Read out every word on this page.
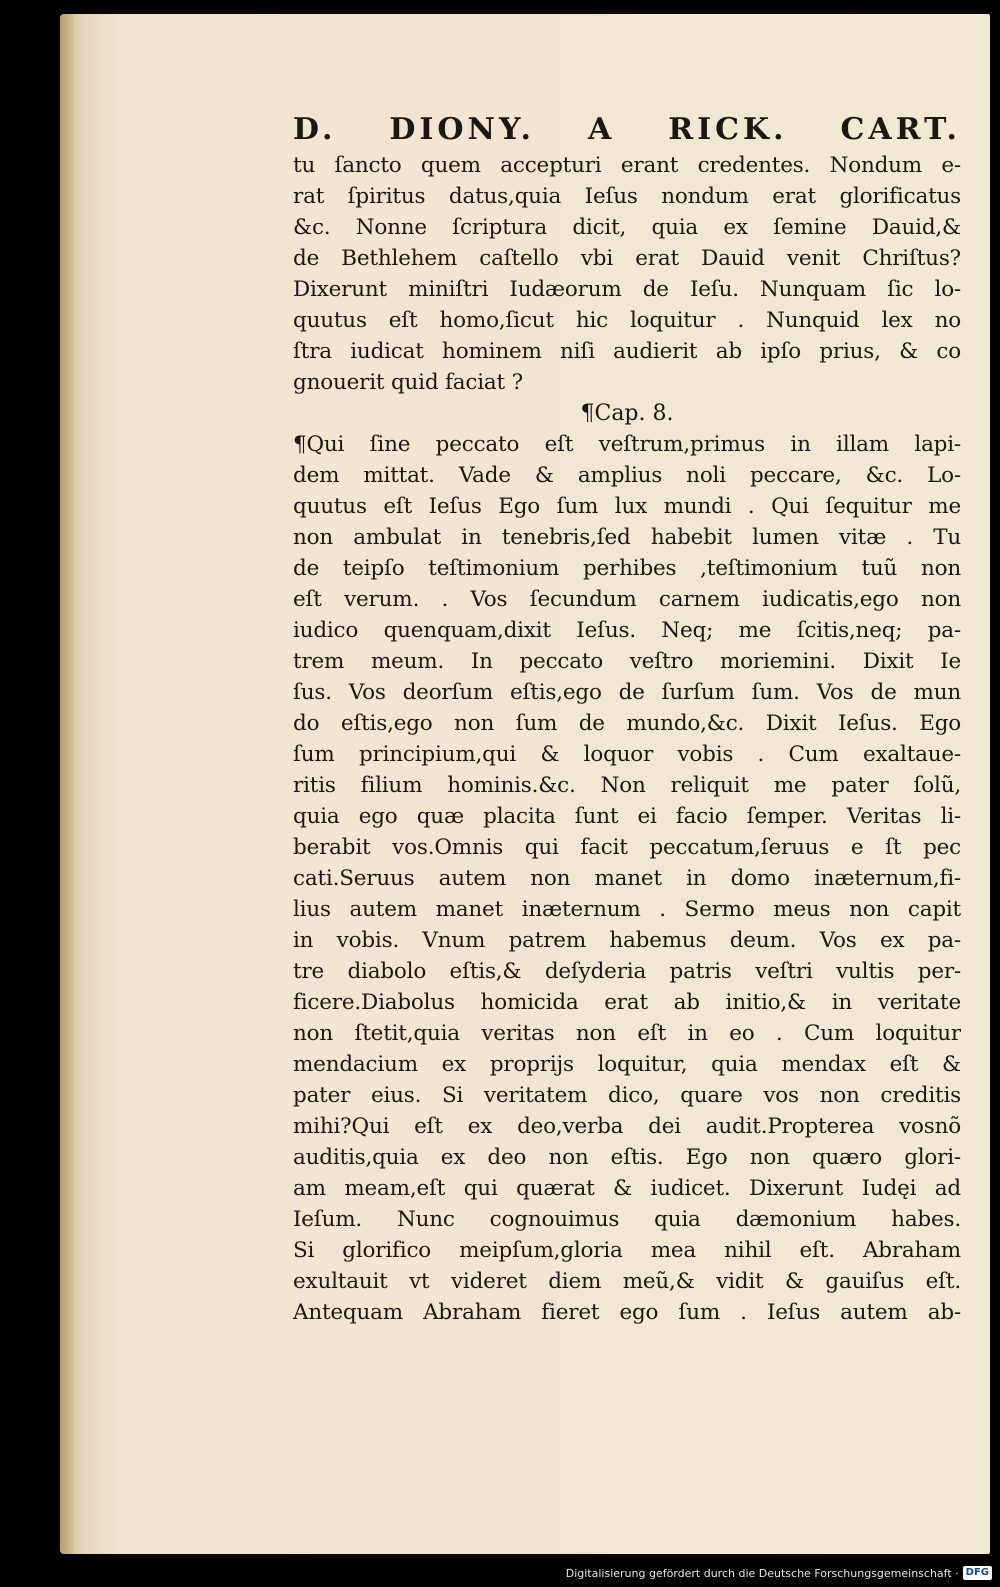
D. DIONY. A RICK. CART.
tu ſancto quem accepturi erant credentes. Nondum e-
rat ſpiritus datus,quia Ieſus nondum erat glorificatus
&c. Nonne ſcriptura dicit, quia ex ſemine Dauid,&
de Bethlehem caſtello vbi erat Dauid venit Chriſtus?
Dixerunt miniſtri Iudæorum de Ieſu. Nunquam ſic lo-
quutus eſt homo,ſicut hic loquitur . Nunquid lex no
ſtra iudicat hominem niſi audierit ab ipſo prius, & co
gnouerit quid faciat ?
¶Cap. 8.
¶Qui ſine peccato eſt veſtrum,primus in illam lapi-
dem mittat. Vade & amplius noli peccare, &c. Lo-
quutus eſt Ieſus Ego ſum lux mundi . Qui ſequitur me
non ambulat in tenebris,ſed habebit lumen vitæ . Tu
de teipſo teſtimonium perhibes ,teſtimonium tuũ non
eſt verum. . Vos ſecundum carnem iudicatis,ego non
iudico quenquam,dixit Ieſus. Neq; me ſcitis,neq; pa-
trem meum. In peccato veſtro moriemini. Dixit Ie
ſus. Vos deorſum eſtis,ego de ſurſum ſum. Vos de mun
do eſtis,ego non ſum de mundo,&c. Dixit Ieſus. Ego
ſum principium,qui & loquor vobis . Cum exaltaue-
ritis filium hominis.&c. Non reliquit me pater ſolũ,
quia ego quæ placita ſunt ei facio ſemper. Veritas li-
berabit vos.Omnis qui facit peccatum,ſeruus e ſt pec
cati.Seruus autem non manet in domo inæternum,fi-
lius autem manet inæternum . Sermo meus non capit
in vobis. Vnum patrem habemus deum. Vos ex pa-
tre diabolo eſtis,& deſyderia patris veſtri vultis per-
ficere.Diabolus homicida erat ab initio,& in veritate
non ſtetit,quia veritas non eſt in eo . Cum loquitur
mendacium ex proprijs loquitur, quia mendax eſt &
pater eius. Si veritatem dico, quare vos non creditis
mihi?Qui eſt ex deo,verba dei audit.Propterea vosnõ
auditis,quia ex deo non eſtis. Ego non quæro glori-
am meam,eſt qui quærat & iudicet. Dixerunt Iudęi ad
Ieſum. Nunc cognouimus quia dæmonium habes.
Si glorifico meipſum,gloria mea nihil eſt. Abraham
exultauit vt videret diem meũ,& vidit & gauiſus eſt.
Antequam Abraham fieret ego ſum . Ieſus autem ab-
Digitalisierung gefördert durch die Deutsche Forschungsgemeinschaft · DFG
